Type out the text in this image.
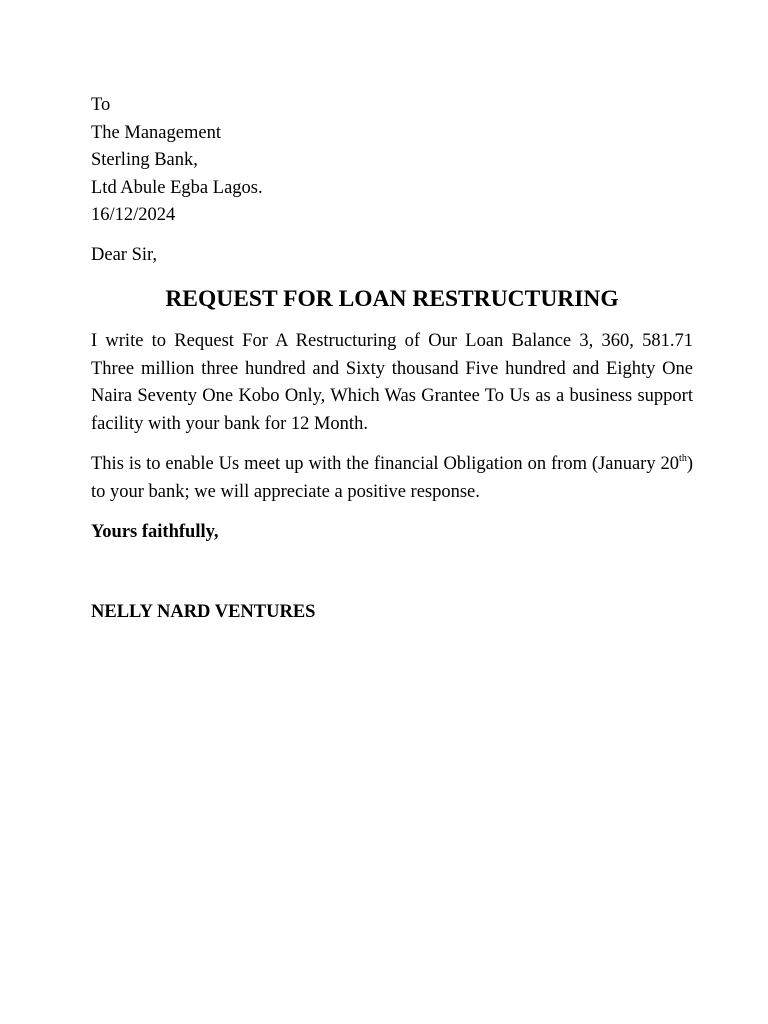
To
The Management
Sterling Bank,
Ltd Abule Egba Lagos.
16/12/2024
Dear Sir,
REQUEST FOR LOAN RESTRUCTURING
I write to Request For A Restructuring of Our Loan Balance 3, 360, 581.71 Three million three hundred and Sixty thousand Five hundred and Eighty One Naira Seventy One Kobo Only, Which Was Grantee To Us as a business support facility with your bank for 12 Month.
This is to enable Us meet up with the financial Obligation on from (January 20th) to your bank; we will appreciate a positive response.
Yours faithfully,
NELLY NARD VENTURES
